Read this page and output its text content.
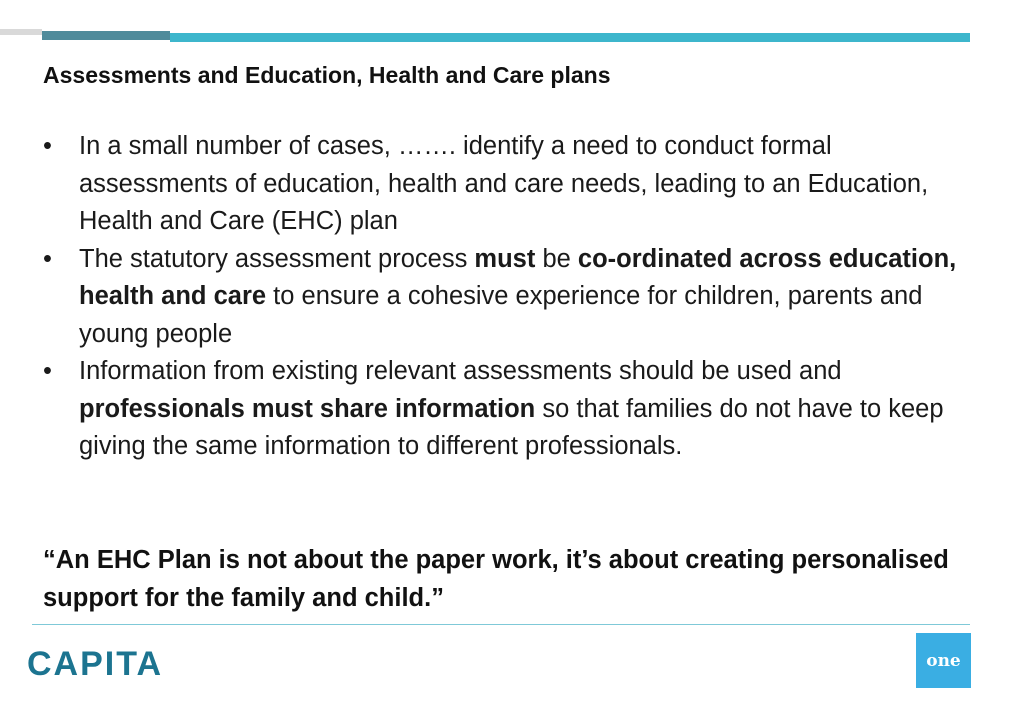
Assessments and Education, Health and Care plans
• In a small number of cases, ……. identify a need to conduct formal assessments of education, health and care needs, leading to an Education, Health and Care (EHC) plan
• The statutory assessment process must be co-ordinated across education, health and care to ensure a cohesive experience for children, parents and young people
• Information from existing relevant assessments should be used and professionals must share information so that families do not have to keep giving the same information to different professionals.

“An EHC Plan is not about the paper work, it’s about creating personalised support for the family and child.”

CAPITA	one
